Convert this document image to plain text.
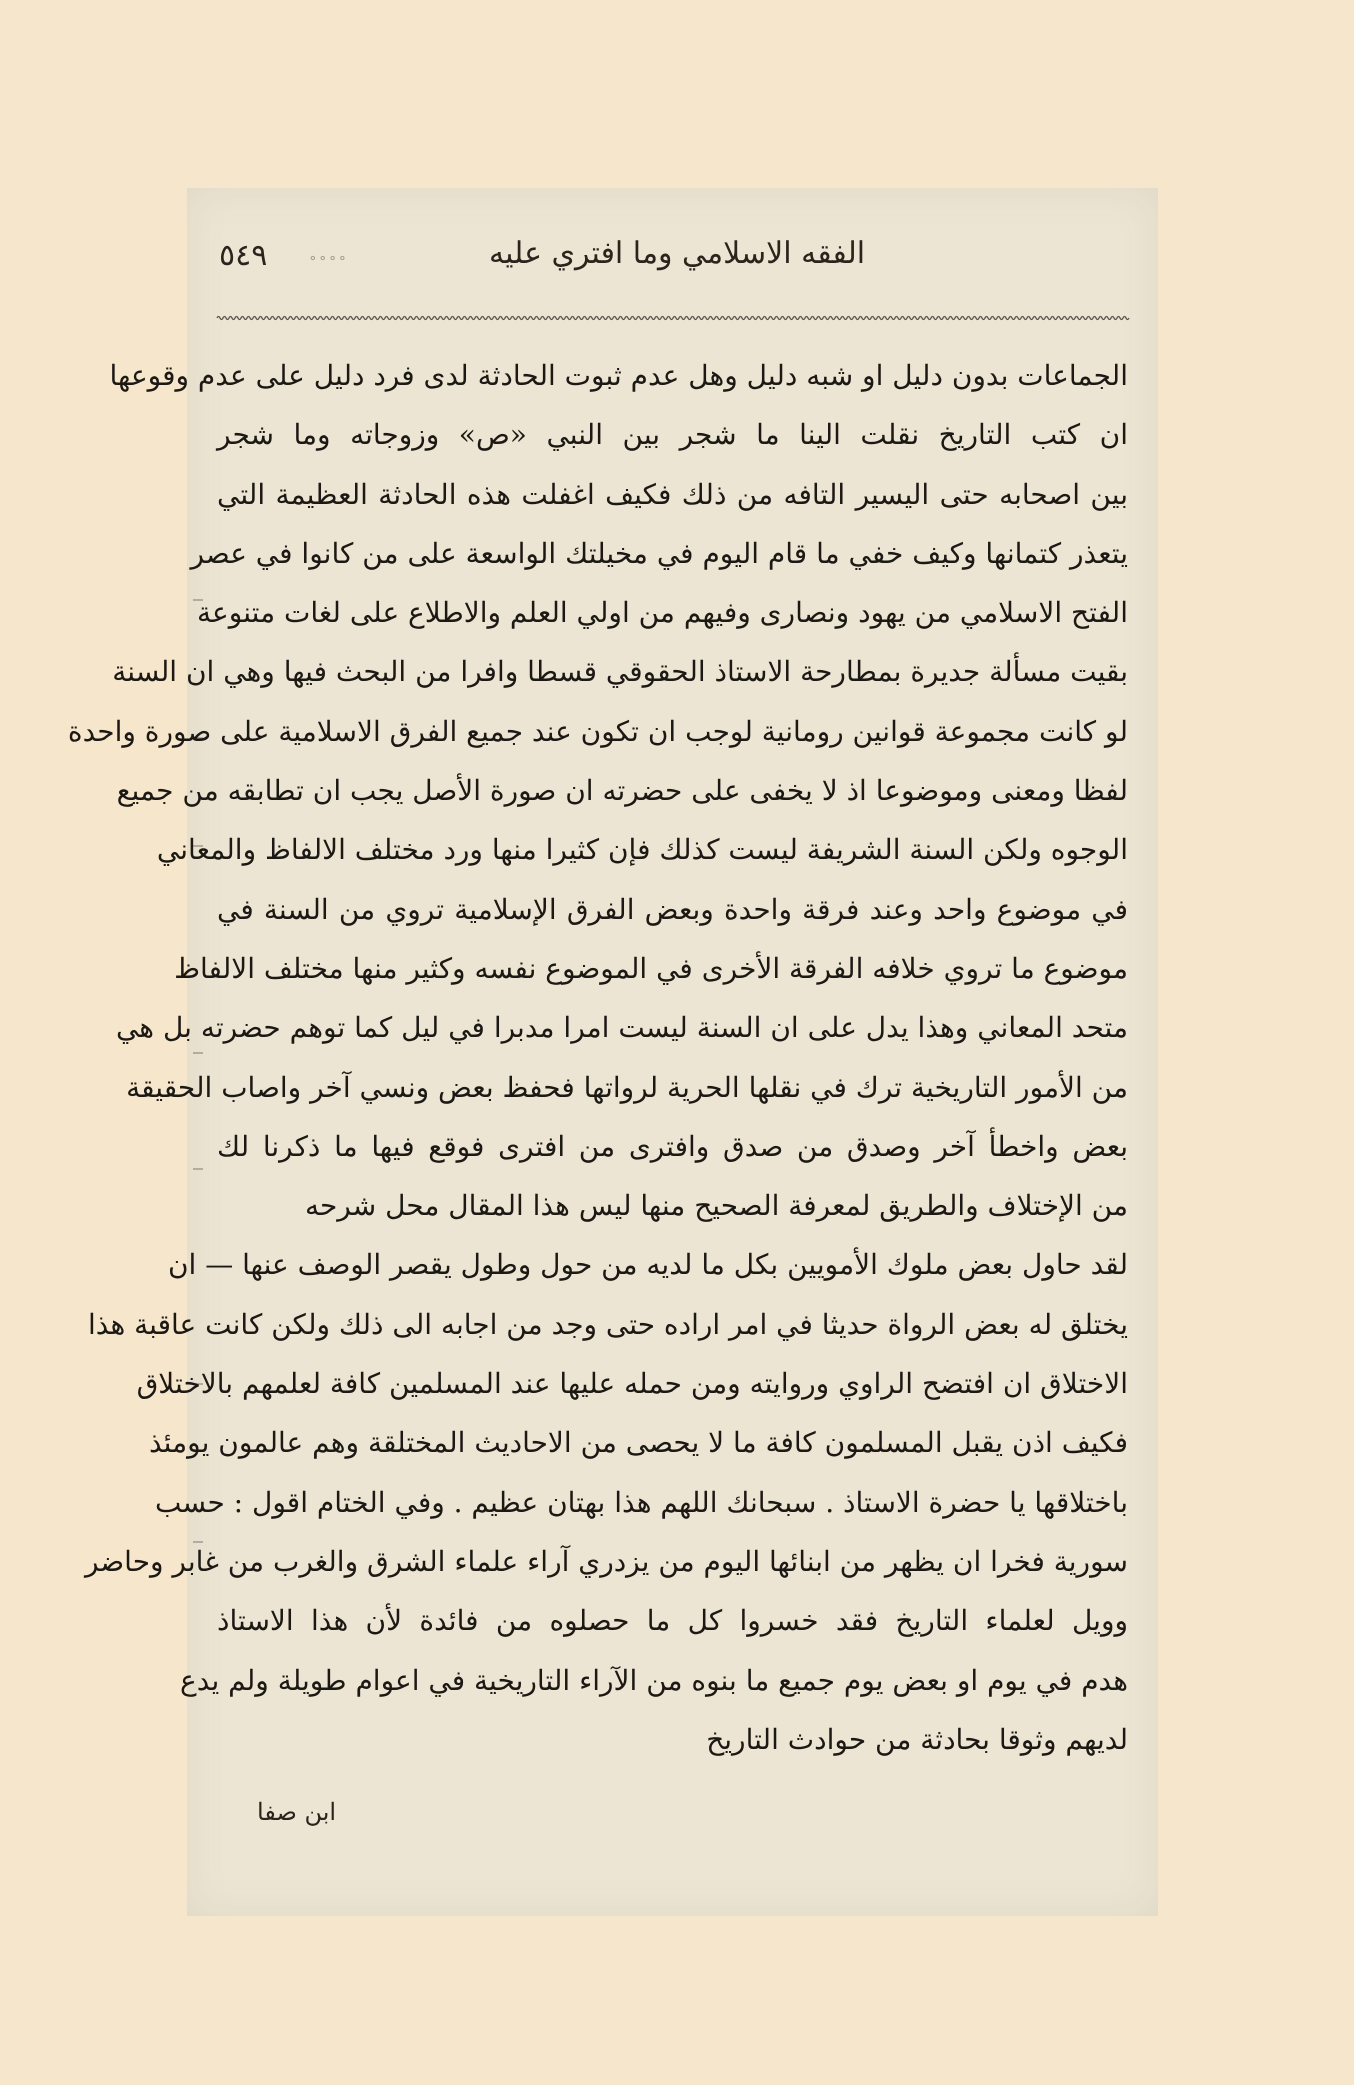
٥٤٩	∘∘∘∘	الفقه الاسلامي وما افتري عليه
الجماعات بدون دليل او شبه دليل وهل عدم ثبوت الحادثة لدى فرد دليل على عدم وقوعها
ان كتب التاريخ نقلت الينا ما شجر بين النبي «ص» وزوجاته وما شجر
بين اصحابه حتى اليسير التافه من ذلك فكيف اغفلت هذه الحادثة العظيمة التي
يتعذر كتمانها وكيف خفي ما قام اليوم في مخيلتك الواسعة على من كانوا في عصر
الفتح الاسلامي من يهود ونصارى وفيهم من اولي العلم والاطلاع على لغات متنوعة
بقيت مسألة جديرة بمطارحة الاستاذ الحقوقي قسطا وافرا من البحث فيها وهي ان السنة
لو كانت مجموعة قوانين رومانية لوجب ان تكون عند جميع الفرق الاسلامية على صورة واحدة
لفظا ومعنى وموضوعا اذ لا يخفى على حضرته ان صورة الأصل يجب ان تطابقه من جميع
الوجوه ولكن السنة الشريفة ليست كذلك فإن كثيرا منها ورد مختلف الالفاظ والمعاني
في موضوع واحد وعند فرقة واحدة وبعض الفرق الإسلامية تروي من السنة في
موضوع ما تروي خلافه الفرقة الأخرى في الموضوع نفسه وكثير منها مختلف الالفاظ
متحد المعاني وهذا يدل على ان السنة ليست امرا مدبرا في ليل كما توهم حضرته بل هي
من الأمور التاريخية ترك في نقلها الحرية لرواتها فحفظ بعض ونسي آخر واصاب الحقيقة
بعض واخطأ آخر وصدق من صدق وافترى من افترى فوقع فيها ما ذكرنا لك
من الإختلاف والطريق لمعرفة الصحيح منها ليس هذا المقال محل شرحه
لقد حاول بعض ملوك الأمويين بكل ما لديه من حول وطول يقصر الوصف عنها — ان
يختلق له بعض الرواة حديثا في امر اراده حتى وجد من اجابه الى ذلك ولكن كانت عاقبة هذا
الاختلاق ان افتضح الراوي وروايته ومن حمله عليها عند المسلمين كافة لعلمهم بالاختلاق
فكيف اذن يقبل المسلمون كافة ما لا يحصى من الاحاديث المختلقة وهم عالمون يومئذ
باختلاقها يا حضرة الاستاذ . سبحانك اللهم هذا بهتان عظيم . وفي الختام اقول : حسب
سورية فخرا ان يظهر من ابنائها اليوم من يزدري آراء علماء الشرق والغرب من غابر وحاضر
وويل لعلماء التاريخ فقد خسروا كل ما حصلوه من فائدة لأن هذا الاستاذ
هدم في يوم او بعض يوم جميع ما بنوه من الآراء التاريخية في اعوام طويلة ولم يدع
لديهم وثوقا بحادثة من حوادث التاريخ
ابن صفا
